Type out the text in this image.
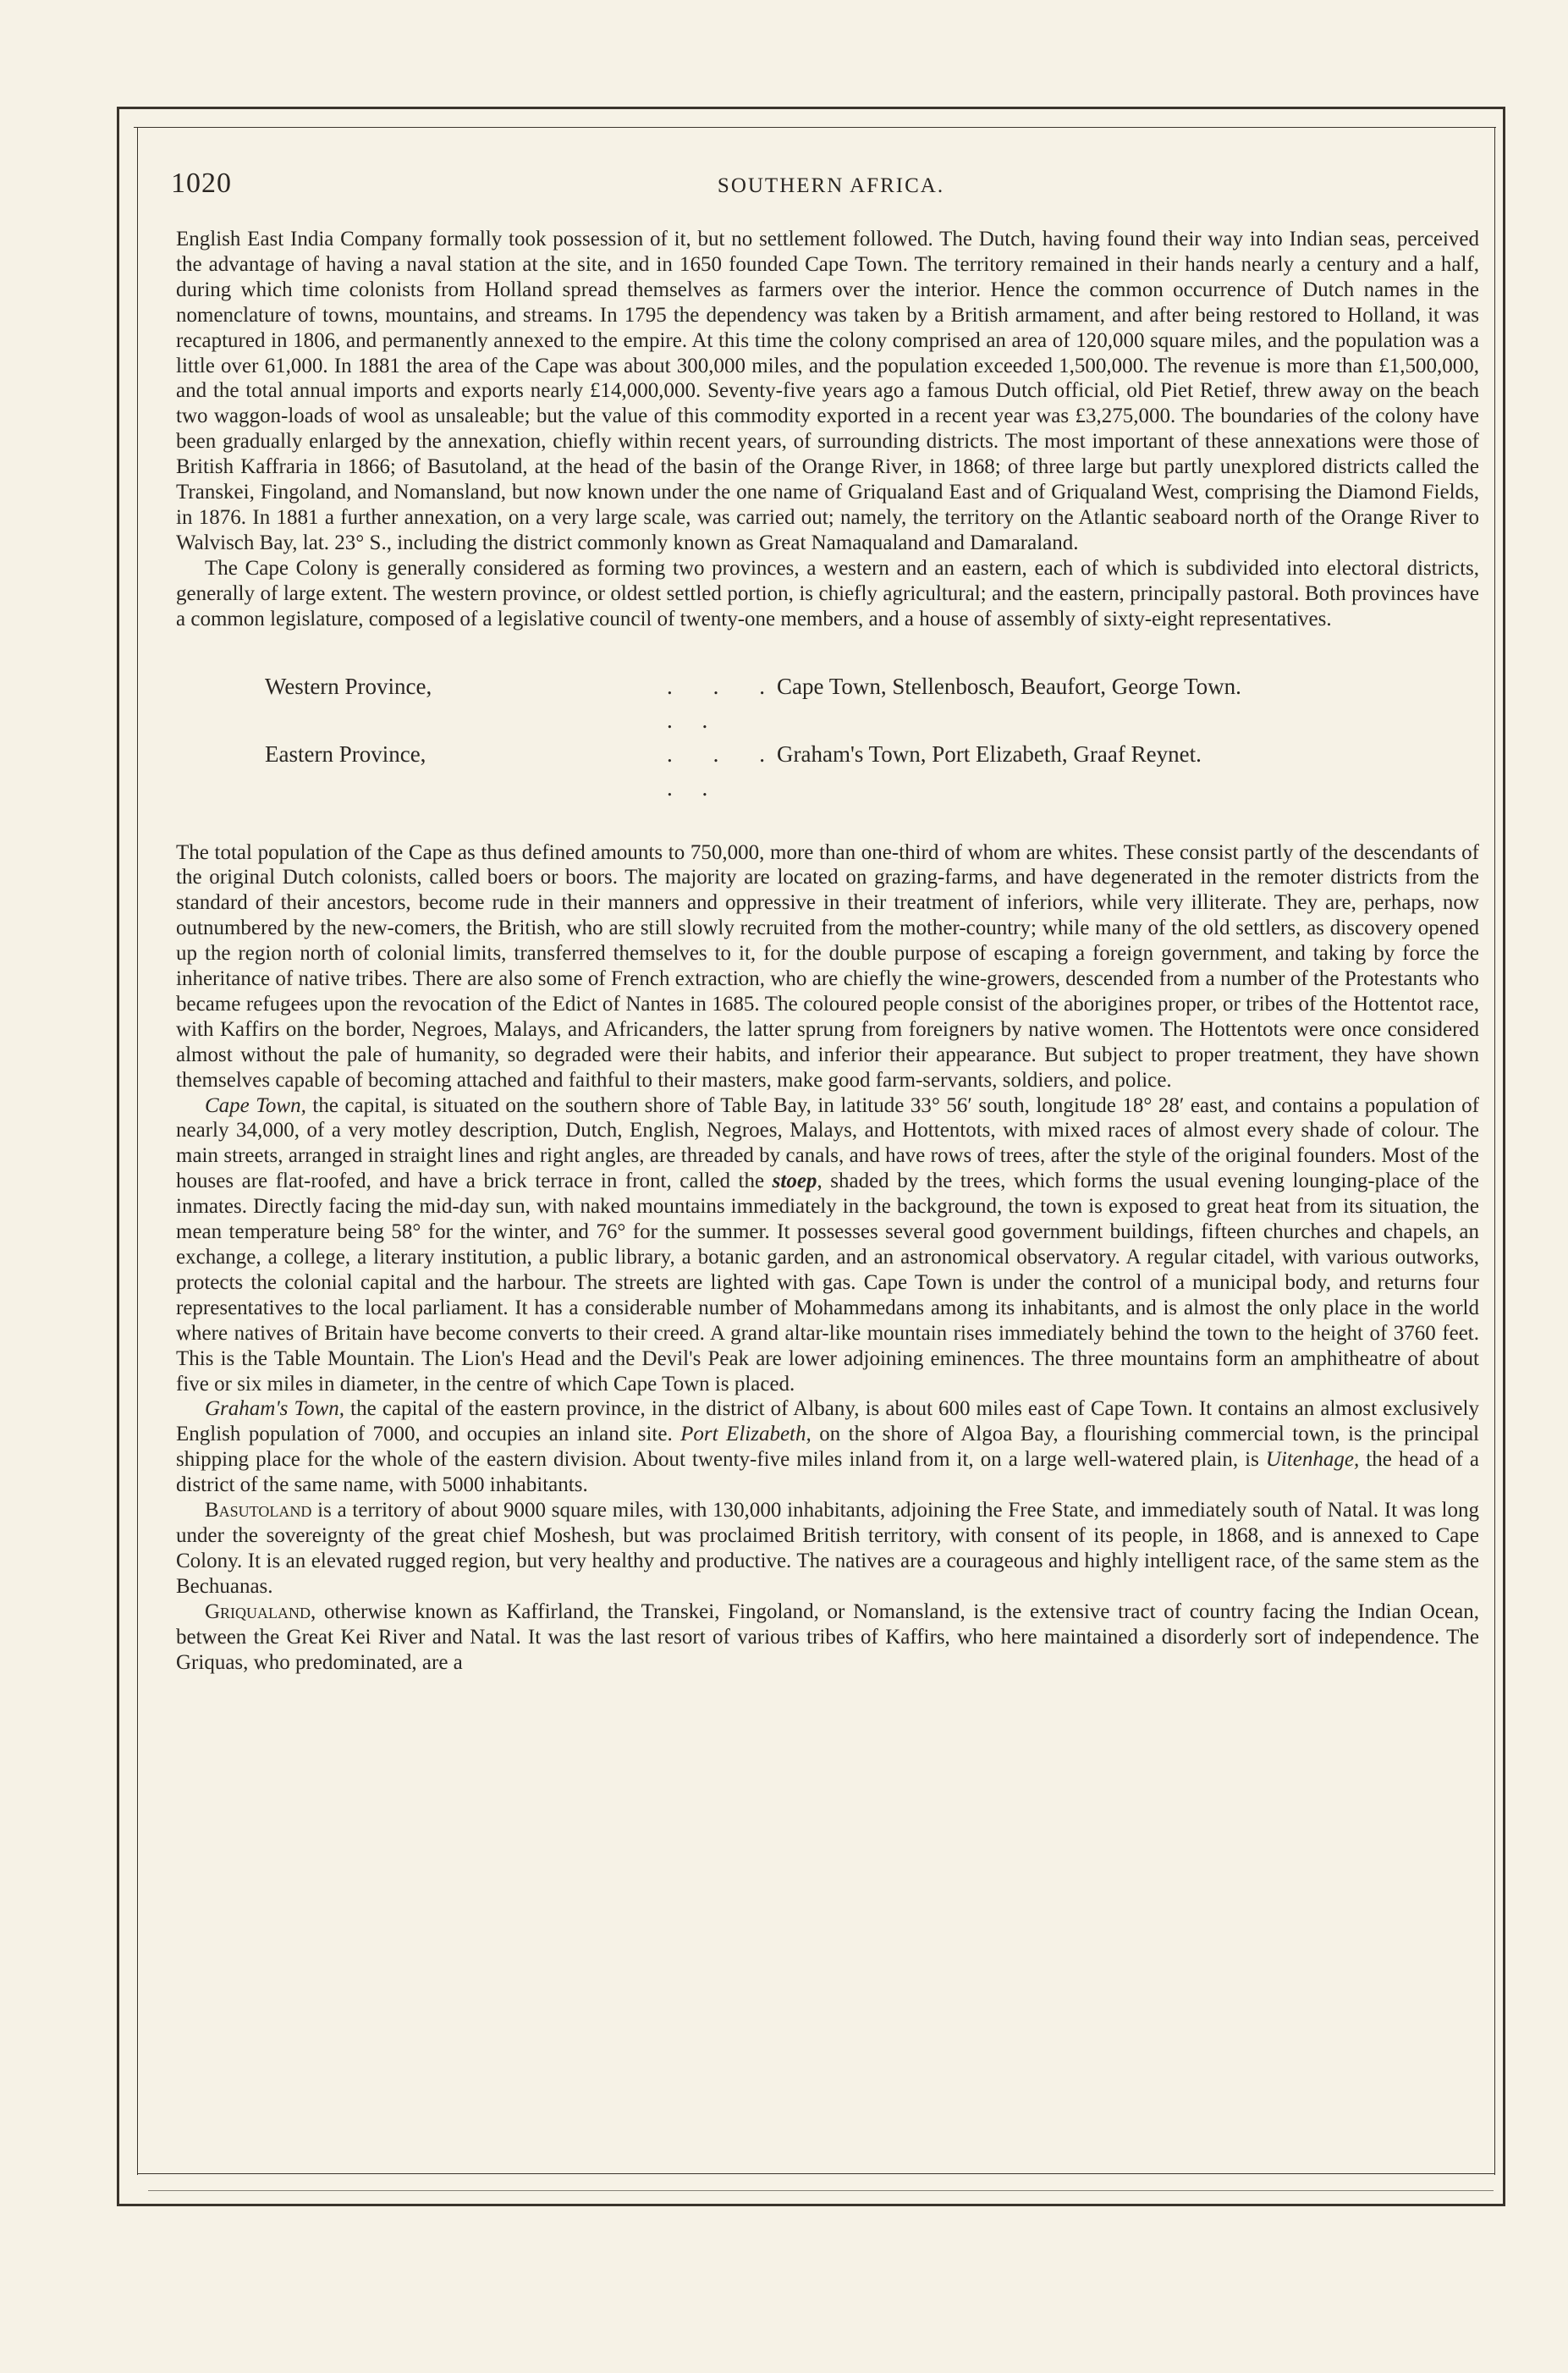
1020	SOUTHERN AFRICA.

English East India Company formally took possession of it, but no settlement followed. The Dutch, having found their way into Indian seas, perceived the advantage of having a naval station at the site, and in 1650 founded Cape Town. The territory remained in their hands nearly a century and a half, during which time colonists from Holland spread themselves as farmers over the interior. Hence the common occurrence of Dutch names in the nomenclature of towns, mountains, and streams. In 1795 the dependency was taken by a British armament, and after being restored to Holland, it was recaptured in 1806, and permanently annexed to the empire. At this time the colony comprised an area of 120,000 square miles, and the population was a little over 61,000. In 1881 the area of the Cape was about 300,000 miles, and the population exceeded 1,500,000. The revenue is more than £1,500,000, and the total annual imports and exports nearly £14,000,000. Seventy-five years ago a famous Dutch official, old Piet Retief, threw away on the beach two waggon-loads of wool as unsaleable; but the value of this commodity exported in a recent year was £3,275,000. The boundaries of the colony have been gradually enlarged by the annexation, chiefly within recent years, of surrounding districts. The most important of these annexations were those of British Kaffraria in 1866; of Basutoland, at the head of the basin of the Orange River, in 1868; of three large but partly unexplored districts called the Transkei, Fingoland, and Nomansland, but now known under the one name of Griqualand East and of Griqualand West, comprising the Diamond Fields, in 1876. In 1881 a further annexation, on a very large scale, was carried out; namely, the territory on the Atlantic seaboard north of the Orange River to Walvisch Bay, lat. 23° S., including the district commonly known as Great Namaqualand and Damaraland.

The Cape Colony is generally considered as forming two provinces, a western and an eastern, each of which is subdivided into electoral districts, generally of large extent. The western province, or oldest settled portion, is chiefly agricultural; and the eastern, principally pastoral. Both provinces have a common legislature, composed of a legislative council of twenty-one members, and a house of assembly of sixty-eight representatives.

Western Province,	. . . . .
Cape Town, Stellenbosch, Beaufort, George Town.
Eastern Province,	. . . . .
Graham's Town, Port Elizabeth, Graaf Reynet.

The total population of the Cape as thus defined amounts to 750,000, more than one-third of whom are whites. These consist partly of the descendants of the original Dutch colonists, called boers or boors. The majority are located on grazing-farms, and have degenerated in the remoter districts from the standard of their ancestors, become rude in their manners and oppressive in their treatment of inferiors, while very illiterate. They are, perhaps, now outnumbered by the new-comers, the British, who are still slowly recruited from the mother-country; while many of the old settlers, as discovery opened up the region north of colonial limits, transferred themselves to it, for the double purpose of escaping a foreign government, and taking by force the inheritance of native tribes. There are also some of French extraction, who are chiefly the wine-growers, descended from a number of the Protestants who became refugees upon the revocation of the Edict of Nantes in 1685. The coloured people consist of the aborigines proper, or tribes of the Hottentot race, with Kaffirs on the border, Negroes, Malays, and Africanders, the latter sprung from foreigners by native women. The Hottentots were once considered almost without the pale of humanity, so degraded were their habits, and inferior their appearance. But subject to proper treatment, they have shown themselves capable of becoming attached and faithful to their masters, make good farm-servants, soldiers, and police.

Cape Town, the capital, is situated on the southern shore of Table Bay, in latitude 33° 56′ south, longitude 18° 28′ east, and contains a population of nearly 34,000, of a very motley description, Dutch, English, Negroes, Malays, and Hottentots, with mixed races of almost every shade of colour. The main streets, arranged in straight lines and right angles, are threaded by canals, and have rows of trees, after the style of the original founders. Most of the houses are flat-roofed, and have a brick terrace in front, called the stoep, shaded by the trees, which forms the usual evening lounging-place of the inmates. Directly facing the mid-day sun, with naked mountains immediately in the background, the town is exposed to great heat from its situation, the mean temperature being 58° for the winter, and 76° for the summer. It possesses several good government buildings, fifteen churches and chapels, an exchange, a college, a literary institution, a public library, a botanic garden, and an astronomical observatory. A regular citadel, with various outworks, protects the colonial capital and the harbour. The streets are lighted with gas. Cape Town is under the control of a municipal body, and returns four representatives to the local parliament. It has a considerable number of Mohammedans among its inhabitants, and is almost the only place in the world where natives of Britain have become converts to their creed. A grand altar-like mountain rises immediately behind the town to the height of 3760 feet. This is the Table Mountain. The Lion's Head and the Devil's Peak are lower adjoining eminences. The three mountains form an amphitheatre of about five or six miles in diameter, in the centre of which Cape Town is placed.

Graham's Town, the capital of the eastern province, in the district of Albany, is about 600 miles east of Cape Town. It contains an almost exclusively English population of 7000, and occupies an inland site. Port Elizabeth, on the shore of Algoa Bay, a flourishing commercial town, is the principal shipping place for the whole of the eastern division. About twenty-five miles inland from it, on a large well-watered plain, is Uitenhage, the head of a district of the same name, with 5000 inhabitants.

Basutoland is a territory of about 9000 square miles, with 130,000 inhabitants, adjoining the Free State, and immediately south of Natal. It was long under the sovereignty of the great chief Moshesh, but was proclaimed British territory, with consent of its people, in 1868, and is annexed to Cape Colony. It is an elevated rugged region, but very healthy and productive. The natives are a courageous and highly intelligent race, of the same stem as the Bechuanas.

Griqualand, otherwise known as Kaffirland, the Transkei, Fingoland, or Nomansland, is the extensive tract of country facing the Indian Ocean, between the Great Kei River and Natal. It was the last resort of various tribes of Kaffirs, who here maintained a disorderly sort of independence. The Griquas, who predominated, are a
